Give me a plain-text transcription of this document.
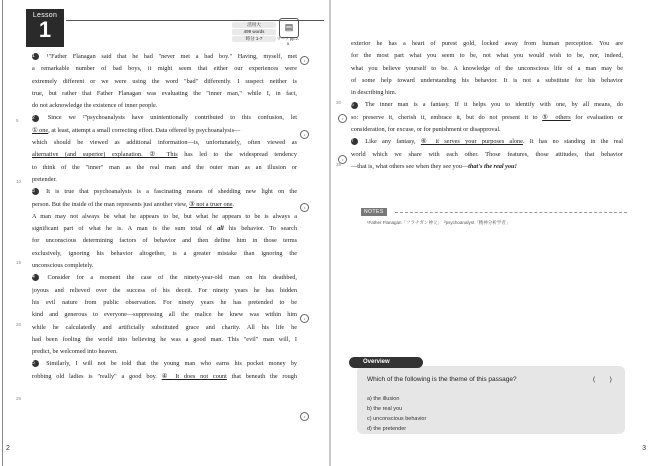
Lesson
1	活用大
499 words
時分 1-7
▤
ワーク pp.2-5
1 ¹"Father Flanagan said that he had "never met a bad boy." Having, myself, met
a remarkable number of bad boys, it might seem that either our experiences were
extremely different or we were using the word "bad" differently. I suspect neither is
true, but rather that Father Flanagan was evaluating the "inner man," while I, in fact,
do not acknowledge the existence of inner people.
2 Since we ²"psychoanalysts have unintentionally contributed to this confusion, let
① one, at least, attempt a small correcting effort. Data offered by psychoanalysis—
which should be viewed as additional information—is, unfortunately, often viewed as
alternative (and superior) explanation. ② This has led to the widespread tendency
to think of the "inner" man as the real man and the outer man as an illusion or
pretender.
3 It is true that psychoanalysis is a fascinating means of shedding new light on the
person. But the inside of the man represents just another view, ③ not a truer one.
A man may not always be what he appears to be, but what he appears to be is always a
significant part of what he is. A man is the sum total of all his behavior. To search
for unconscious determining factors of behavior and then define him in those terms
exclusively, ignoring his behavior altogether, is a greater mistake than ignoring the
unconscious completely.
4 Consider for a moment the case of the ninety-year-old man on his deathbed,
joyous and relieved over the success of his deceit. For ninety years he has hidden
his evil nature from public observation. For ninety years he has pretended to be
kind and generous to everyone—suppressing all the malice he knew was within him
while he calculatedly and artificially substituted grace and charity. All his life he
had been fooling the world into believing he was a good man. This "evil" man will, I
predict, be welcomed into heaven.
5 Similarly, I will not be told that the young man who earns his pocket money by
robbing old ladies is "really" a good boy. ④ It does not count that beneath the rough
♪
♪
♪
♪
♪
5
10
15
20
25
2
exterior he has a heart of purest gold, locked away from human perception. You are
for the most part what you seem to be, not what you would wish to be, nor, indeed,
what you believe yourself to be. A knowledge of the unconscious life of a man may be
of some help toward understanding his behavior. It is not a substitute for his behavior
in describing him.
6 The inner man is a fantasy. If it helps you to identify with one, by all means, do
so: preserve it, cherish it, embrace it, but do not present it to ⑤ others for evaluation or
consideration, for excuse, or for punishment or disapproval.
7 Like any fantasy, ⑥ it serves your purposes alone. It has no standing in the real
world which we share with each other. Those features, those attitudes, that behavior
—that is, what others see when they see you—that's the real you!
♪
♪
30
35
NOTES
¹Father Flanagan「フラナガン神父」　²psychoanalyst「精神分析学者」
Which of the following is the theme of this passage?	(        )
a) the illusion
b) the real you
c) unconscious behavior
d) the pretender
Overview
3
